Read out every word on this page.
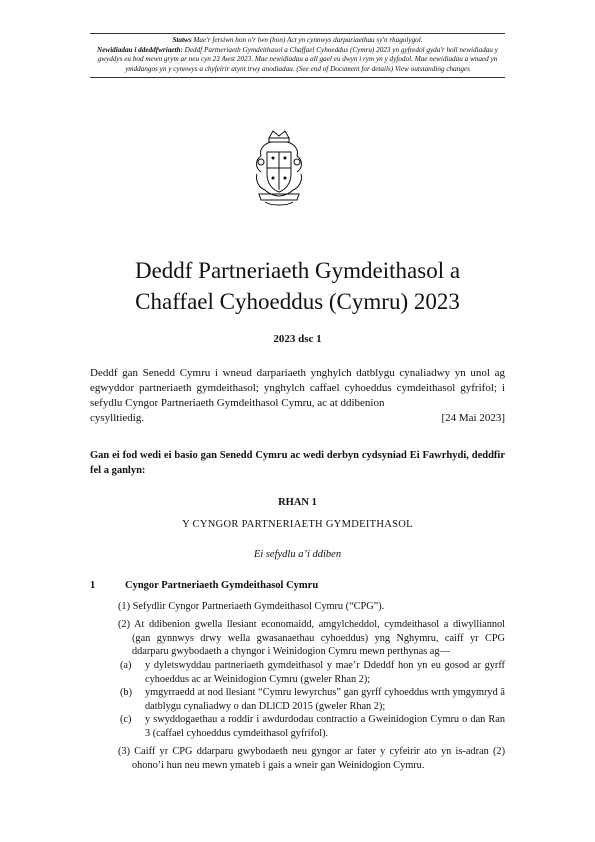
Statws Mae'r fersiwn hon o'r lwn (hon) Act yn cynnwys darpariaethau sy'n rhagolygol.
Newidiadau i ddeddfwriaeth: Deddf Partneriaeth Gymdeithasol a Chaffael Cyhoeddus (Cymru) 2023 yn gyfredol gyda'r holl newidiadau y gwyddys eu bod mewn grym ar neu cyn 23 Awst 2023. Mae newidiadau a all gael eu dwyn i rym yn y dyfodol. Mae newidiadau a wnaed yn ymddangos yn y cynnwys a chyfeirir atynt trwy anodiadau. (See end of Document for details) View outstanding changes
Deddf Partneriaeth Gymdeithasol a
Chaffael Cyhoeddus (Cymru) 2023
2023 dsc 1
Deddf gan Senedd Cymru i wneud darpariaeth ynghylch datblygu cynaliadwy yn unol ag egwyddor partneriaeth gymdeithasol; ynghylch caffael cyhoeddus cymdeithasol gyfrifol; i sefydlu Cyngor Partneriaeth Gymdeithasol Cymru, ac at ddibenion
cysylltiedig.	[24 Mai 2023]
Gan ei fod wedi ei basio gan Senedd Cymru ac wedi derbyn cydsyniad Ei Fawrhydi, deddfir fel a ganlyn:
RHAN 1
Y CYNGOR PARTNERIAETH GYMDEITHASOL
Ei sefydlu a’i ddiben
1	Cyngor Partneriaeth Gymdeithasol Cymru
(1) Sefydlir Cyngor Partneriaeth Gymdeithasol Cymru (“CPG”).
(2) At ddibenion gwella llesiant economaidd, amgylcheddol, cymdeithasol a diwylliannol (gan gynnwys drwy wella gwasanaethau cyhoeddus) yng Nghymru, caiff yr CPG ddarparu gwybodaeth a chyngor i Weinidogion Cymru mewn perthynas ag—
(a) y dyletswyddau partneriaeth gymdeithasol y mae’r Ddeddf hon yn eu gosod ar gyrff cyhoeddus ac ar Weinidogion Cymru (gweler Rhan 2);
(b) ymgyrraedd at nod llesiant “Cymru lewyrchus” gan gyrff cyhoeddus wrth ymgymryd â datblygu cynaliadwy o dan DLlCD 2015 (gweler Rhan 2);
(c) y swyddogaethau a roddir i awdurdodau contractio a Gweinidogion Cymru o dan Ran 3 (caffael cyhoeddus cymdeithasol gyfrifol).
(3) Caiff yr CPG ddarparu gwybodaeth neu gyngor ar fater y cyfeirir ato yn is-adran (2) ohono’i hun neu mewn ymateb i gais a wneir gan Weinidogion Cymru.
